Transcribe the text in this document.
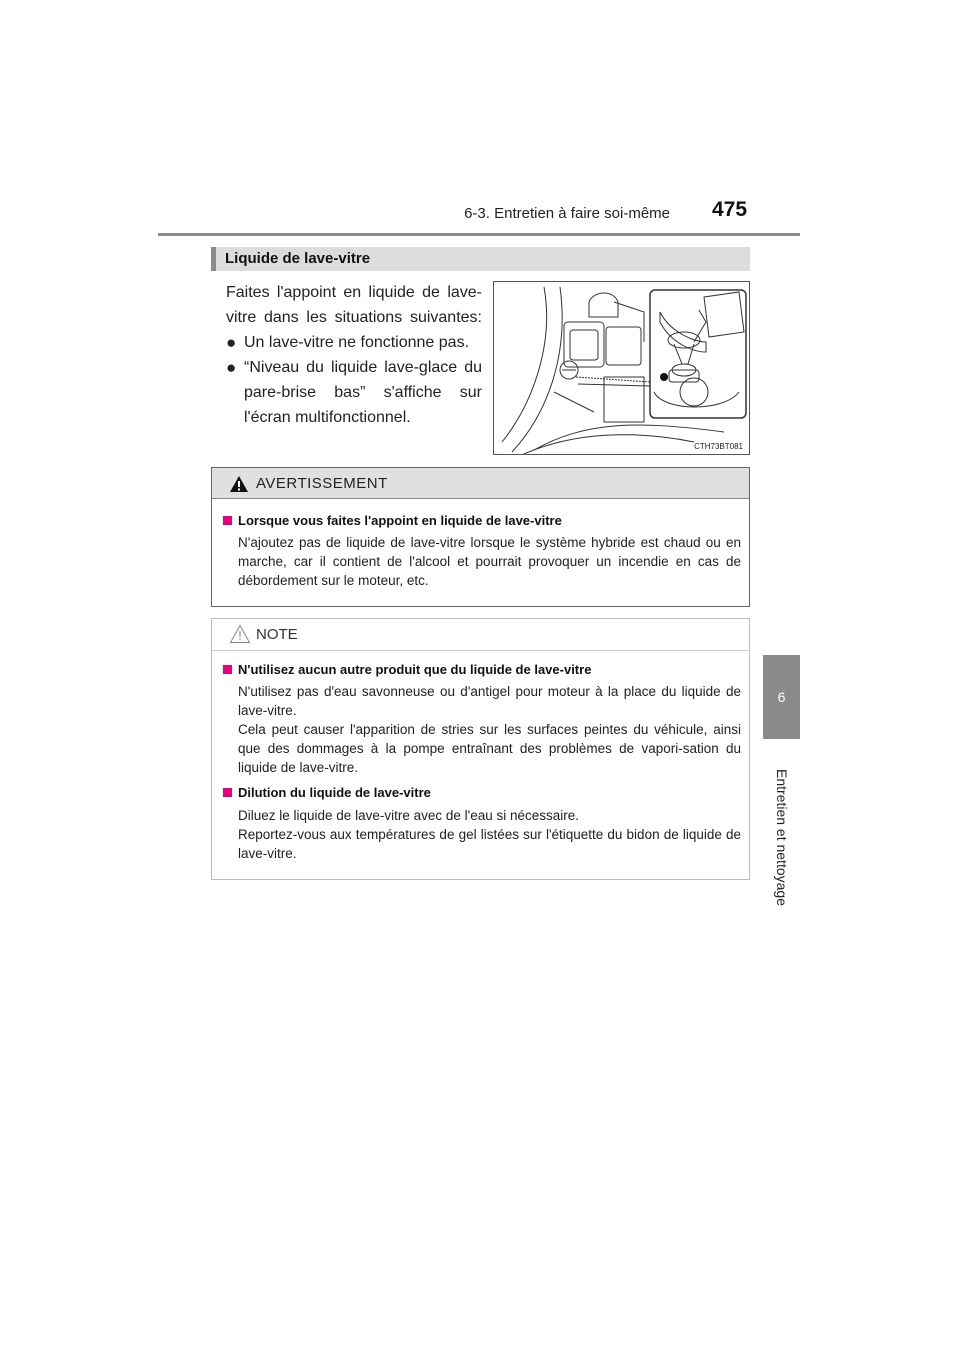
6-3. Entretien à faire soi-même 475
6
Entretien et nettoyage
Liquide de lave-vitre
Faites l'appoint en liquide de lave-vitre dans les situations suivantes:
● Un lave-vitre ne fonctionne pas.
● “Niveau du liquide lave-glace du pare-brise bas” s'affiche sur l'écran multifonctionnel.
CTH73BT081
AVERTISSEMENT
Lorsque vous faites l'appoint en liquide de lave-vitre
N'ajoutez pas de liquide de lave-vitre lorsque le système hybride est chaud ou en marche, car il contient de l'alcool et pourrait provoquer un incendie en cas de débordement sur le moteur, etc.
NOTE
N'utilisez aucun autre produit que du liquide de lave-vitre

N'utilisez pas d'eau savonneuse ou d'antigel pour moteur à la place du liquide de lave-vitre.

Cela peut causer l'apparition de stries sur les surfaces peintes du véhicule, ainsi que des dommages à la pompe entraînant des problèmes de vapori-sation du liquide de lave-vitre.

Dilution du liquide de lave-vitre

Diluez le liquide de lave-vitre avec de l'eau si nécessaire.

Reportez-vous aux températures de gel listées sur l'étiquette du bidon de liquide de lave-vitre.
